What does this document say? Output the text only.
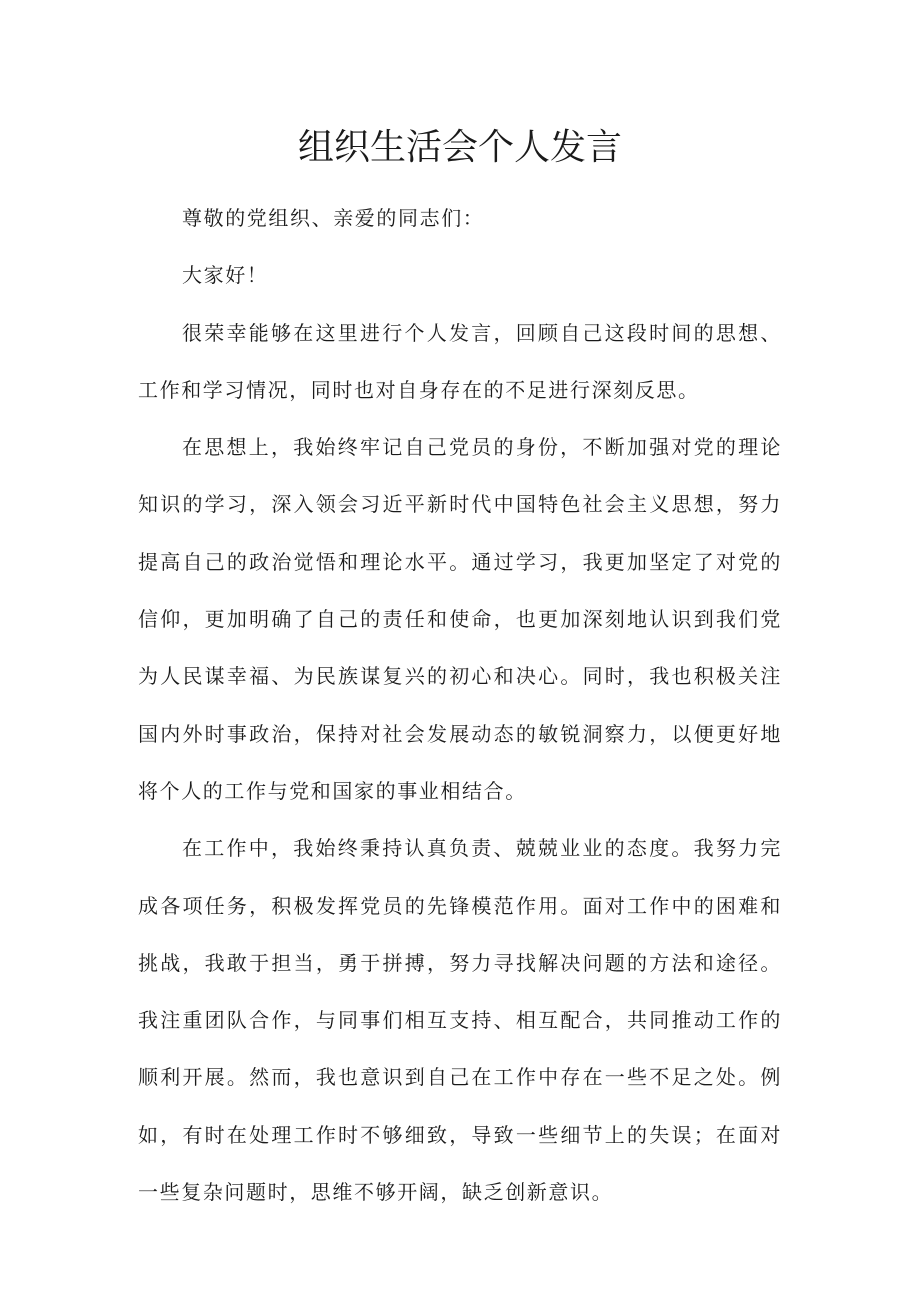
组织生活会个人发言

尊敬的党组织、亲爱的同志们：

大家好！

很荣幸能够在这里进行个人发言，回顾自己这段时间的思想、工作和学习情况，同时也对自身存在的不足进行深刻反思。

在思想上，我始终牢记自己党员的身份，不断加强对党的理论知识的学习，深入领会习近平新时代中国特色社会主义思想，努力提高自己的政治觉悟和理论水平。通过学习，我更加坚定了对党的信仰，更加明确了自己的责任和使命，也更加深刻地认识到我们党为人民谋幸福、为民族谋复兴的初心和决心。同时，我也积极关注国内外时事政治，保持对社会发展动态的敏锐洞察力，以便更好地将个人的工作与党和国家的事业相结合。

在工作中，我始终秉持认真负责、兢兢业业的态度。我努力完成各项任务，积极发挥党员的先锋模范作用。面对工作中的困难和挑战，我敢于担当，勇于拼搏，努力寻找解决问题的方法和途径。我注重团队合作，与同事们相互支持、相互配合，共同推动工作的顺利开展。然而，我也意识到自己在工作中存在一些不足之处。例如，有时在处理工作时不够细致，导致一些细节上的失误；在面对一些复杂问题时，思维不够开阔，缺乏创新意识。
